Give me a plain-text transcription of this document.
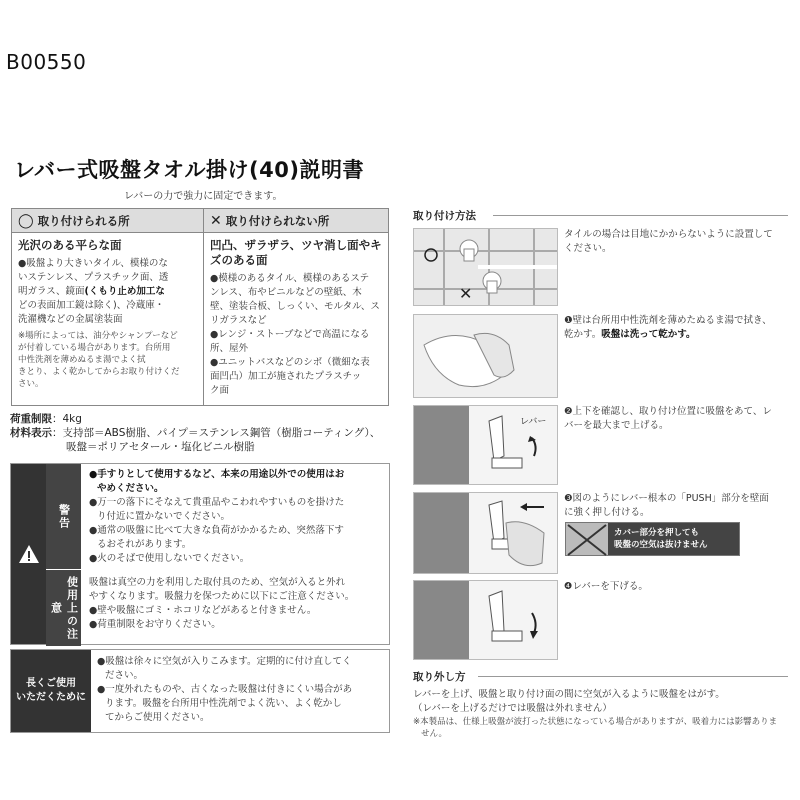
B00550
レバー式吸盤タオル掛け(40)説明書
レバーの力で強力に固定できます。
◯ 取り付けられる所
光沢のある平らな面
●吸盤より大きいタイル、模様のな
いステンレス、プラスチック面、透
明ガラス、鏡面(くもり止め加工な
どの表面加工鏡は除く)、冷蔵庫・
洗濯機などの金属塗装面
※場所によっては、油分やシャンプーなど
が付着している場合があります。台所用
中性洗剤を薄めぬるま湯でよく拭
きとり、よく乾かしてからお取り付けくだ
さい。
✕ 取り付けられない所
凹凸、ザラザラ、ツヤ消し面やキ
ズのある面
●模様のあるタイル、模様のあるステ
ンレス、布やビニルなどの壁紙、木
壁、塗装合板、しっくい、モルタル、ス
リガラスなど
●レンジ・ストーブなどで高温になる
所、屋外
●ユニットバスなどのシボ（微細な表
面凹凸）加工が施されたプラスチッ
ク面
荷重制限：4kg
材料表示：支持部＝ABS樹脂、パイプ＝ステンレス鋼管（樹脂コーティング）、
吸盤＝ポリアセタール・塩化ビニル樹脂
警告
●手すりとして使用するなど、本来の用途以外での使用はお
やめください。
●万一の落下にそなえて貴重品やこわれやすいものを掛けた
り付近に置かないでください。
●通常の吸盤に比べて大きな負荷がかかるため、突然落下す
るおそれがあります。
●火のそばで使用しないでください。
使用上の注意
吸盤は真空の力を利用した取付具のため、空気が入ると外れ
やすくなります。吸盤力を保つために以下にご注意ください。
●壁や吸盤にゴミ・ホコリなどがあると付きません。
●荷重制限をお守りください。
長くご使用
いただくために
●吸盤は徐々に空気が入りこみます。定期的に付け直してく
ださい。
●一度外れたものや、古くなった吸盤は付きにくい場合があ
ります。吸盤を台所用中性洗剤でよく洗い、よく乾かし
てからご使用ください。
取り付け方法
✕
タイルの場合は目地にかからないように設置して
ください。
❶壁は台所用中性洗剤を薄めたぬるま湯で拭き、
乾かす。吸盤は洗って乾かす。
レバー
❷上下を確認し、取り付け位置に吸盤をあて、レ
バーを最大まで上げる。
❸図のようにレバー根本の「PUSH」部分を壁面
に強く押し付ける。
カバー部分を押しても
吸盤の空気は抜けません
❹レバーを下げる。
取り外し方
レバーを上げ、吸盤と取り付け面の間に空気が入るように吸盤をはがす。
（レバーを上げるだけでは吸盤は外れません）
※本製品は、仕様上吸盤が波打った状態になっている場合がありますが、吸着力には影響ありま
せん。
